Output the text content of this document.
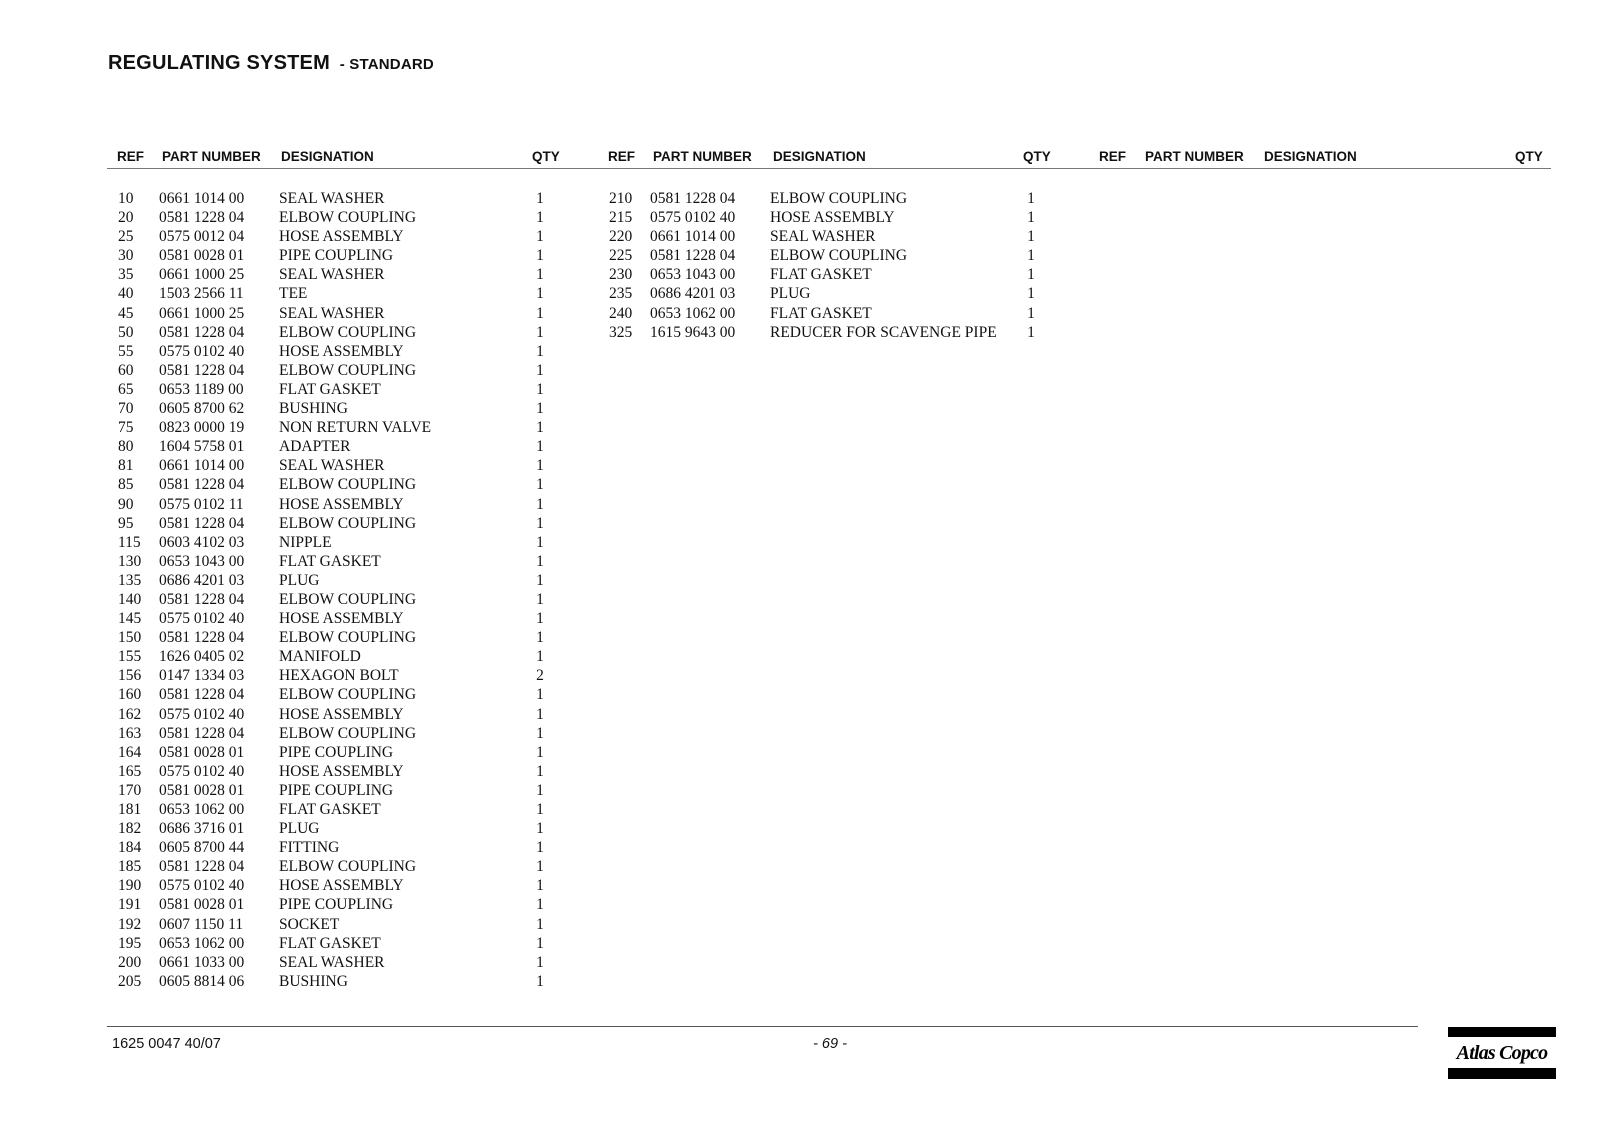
REGULATING SYSTEM - STANDARD
REF PART NUMBER DESIGNATION	QTY	REF PART NUMBER DESIGNATION	QTY	REF PART NUMBER DESIGNATION	QTY
10 0661 1014 00 SEAL WASHER	1
20 0581 1228 04 ELBOW COUPLING	1
25 0575 0012 04 HOSE ASSEMBLY	1
30 0581 0028 01 PIPE COUPLING	1
35 0661 1000 25 SEAL WASHER	1
40 1503 2566 11 TEE	1
45 0661 1000 25 SEAL WASHER	1
50 0581 1228 04 ELBOW COUPLING	1
55 0575 0102 40 HOSE ASSEMBLY	1
60 0581 1228 04 ELBOW COUPLING	1
65 0653 1189 00 FLAT GASKET	1
70 0605 8700 62 BUSHING	1
75 0823 0000 19 NON RETURN VALVE	1
80 1604 5758 01 ADAPTER	1
81 0661 1014 00 SEAL WASHER	1
85 0581 1228 04 ELBOW COUPLING	1
90 0575 0102 11 HOSE ASSEMBLY	1
95 0581 1228 04 ELBOW COUPLING	1
115 0603 4102 03 NIPPLE	1
130 0653 1043 00 FLAT GASKET	1
135 0686 4201 03 PLUG	1
140 0581 1228 04 ELBOW COUPLING	1
145 0575 0102 40 HOSE ASSEMBLY	1
150 0581 1228 04 ELBOW COUPLING	1
155 1626 0405 02 MANIFOLD	1
156 0147 1334 03 HEXAGON BOLT	2
160 0581 1228 04 ELBOW COUPLING	1
162 0575 0102 40 HOSE ASSEMBLY	1
163 0581 1228 04 ELBOW COUPLING	1
164 0581 0028 01 PIPE COUPLING	1
165 0575 0102 40 HOSE ASSEMBLY	1
170 0581 0028 01 PIPE COUPLING	1
181 0653 1062 00 FLAT GASKET	1
182 0686 3716 01 PLUG	1
184 0605 8700 44 FITTING	1
185 0581 1228 04 ELBOW COUPLING	1
190 0575 0102 40 HOSE ASSEMBLY	1
191 0581 0028 01 PIPE COUPLING	1
192 0607 1150 11 SOCKET	1
195 0653 1062 00 FLAT GASKET	1
200 0661 1033 00 SEAL WASHER	1
205 0605 8814 06 BUSHING	1
210 0581 1228 04 ELBOW COUPLING	1
215 0575 0102 40 HOSE ASSEMBLY	1
220 0661 1014 00 SEAL WASHER	1
225 0581 1228 04 ELBOW COUPLING	1
230 0653 1043 00 FLAT GASKET	1
235 0686 4201 03 PLUG	1
240 0653 1062 00 FLAT GASKET	1
325 1615 9643 00 REDUCER FOR SCAVENGE PIPE 1
1625 0047 40/07	- 69 -	Atlas Copco
